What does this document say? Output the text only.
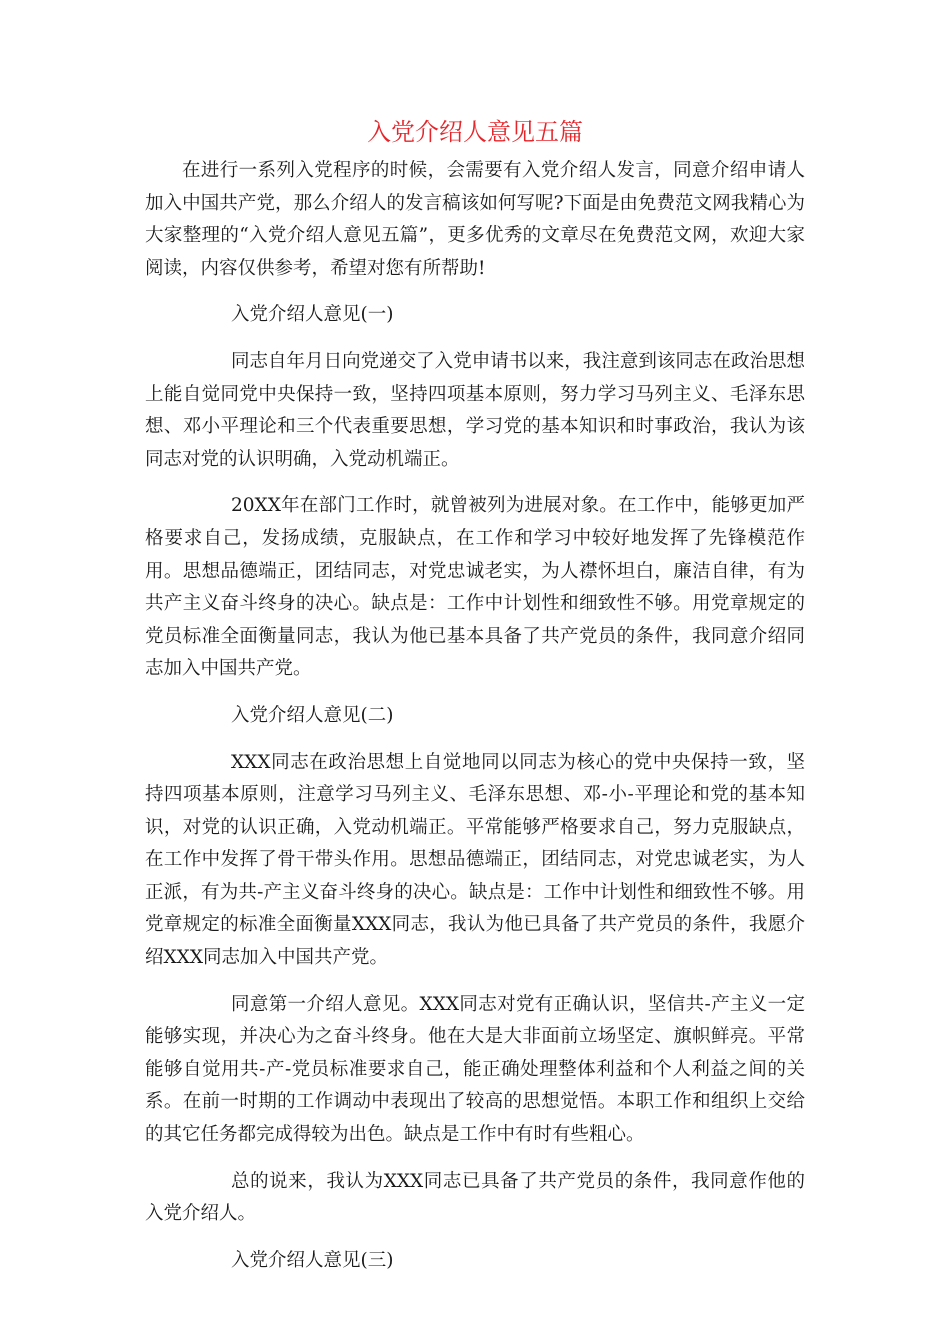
入党介绍人意见五篇

在进行一系列入党程序的时候，会需要有入党介绍人发言，同意介绍申请人加入中国共产党，那么介绍人的发言稿该如何写呢?下面是由免费范文网我精心为大家整理的“入党介绍人意见五篇”，更多优秀的文章尽在免费范文网，欢迎大家阅读，内容仅供参考，希望对您有所帮助!

入党介绍人意见(一)

同志自年月日向党递交了入党申请书以来，我注意到该同志在政治思想上能自觉同党中央保持一致，坚持四项基本原则，努力学习马列主义、毛泽东思想、邓小平理论和三个代表重要思想，学习党的基本知识和时事政治，我认为该同志对党的认识明确，入党动机端正。

20XX年在部门工作时，就曾被列为进展对象。在工作中，能够更加严格要求自己，发扬成绩，克服缺点，在工作和学习中较好地发挥了先锋模范作用。思想品德端正，团结同志，对党忠诚老实，为人襟怀坦白，廉洁自律，有为共产主义奋斗终身的决心。缺点是：工作中计划性和细致性不够。用党章规定的党员标准全面衡量同志，我认为他已基本具备了共产党员的条件，我同意介绍同志加入中国共产党。

入党介绍人意见(二)

XXX同志在政治思想上自觉地同以同志为核心的党中央保持一致，坚持四项基本原则，注意学习马列主义、毛泽东思想、邓-小-平理论和党的基本知识，对党的认识正确，入党动机端正。平常能够严格要求自己，努力克服缺点，在工作中发挥了骨干带头作用。思想品德端正，团结同志，对党忠诚老实，为人正派，有为共-产主义奋斗终身的决心。缺点是：工作中计划性和细致性不够。用党章规定的标准全面衡量XXX同志，我认为他已具备了共产党员的条件，我愿介绍XXX同志加入中国共产党。

同意第一介绍人意见。XXX同志对党有正确认识，坚信共-产主义一定能够实现，并决心为之奋斗终身。他在大是大非面前立场坚定、旗帜鲜亮。平常能够自觉用共-产-党员标准要求自己，能正确处理整体利益和个人利益之间的关系。在前一时期的工作调动中表现出了较高的思想觉悟。本职工作和组织上交给的其它任务都完成得较为出色。缺点是工作中有时有些粗心。

总的说来，我认为XXX同志已具备了共产党员的条件，我同意作他的入党介绍人。

入党介绍人意见(三)
